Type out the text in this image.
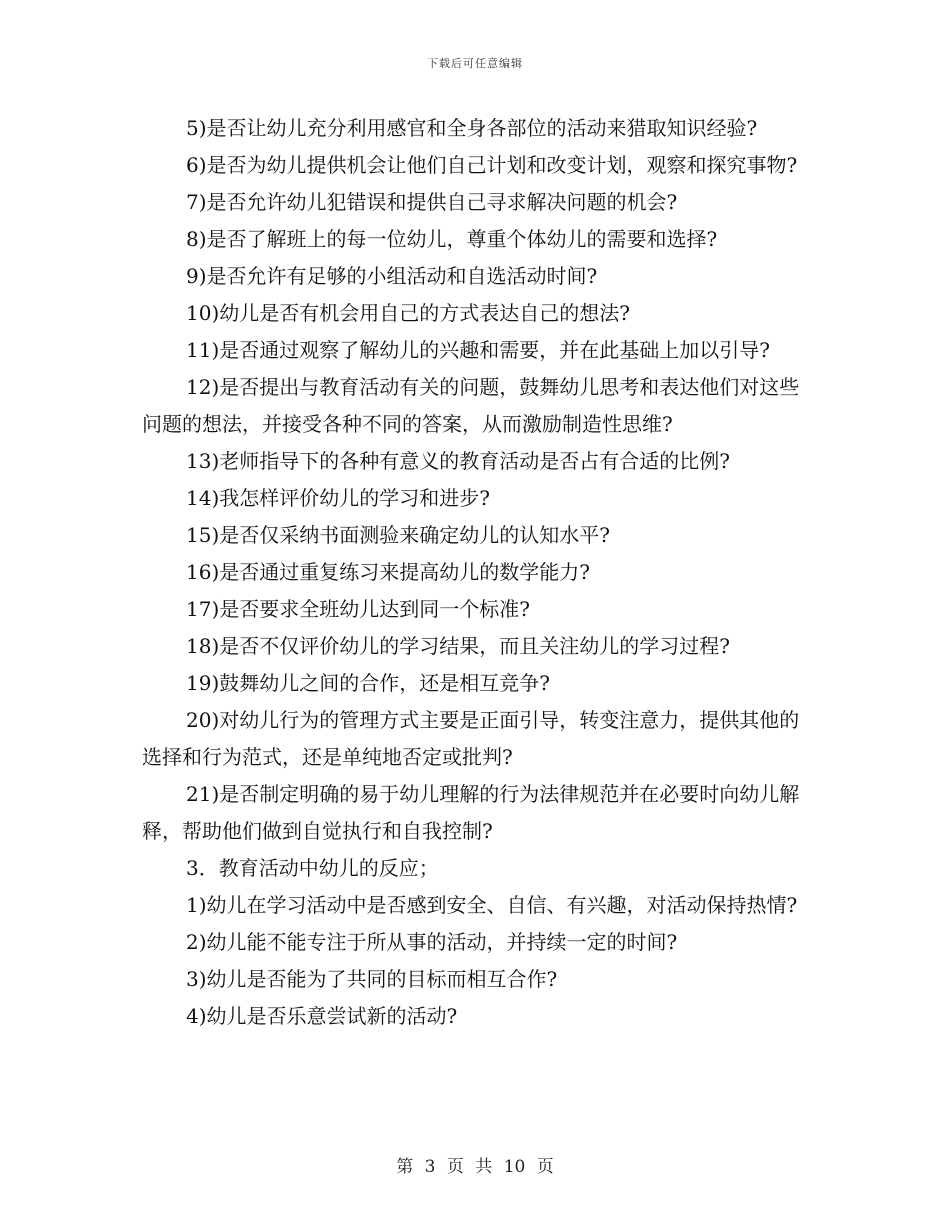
下载后可任意编辑

5)是否让幼儿充分利用感官和全身各部位的活动来猎取知识经验?

6)是否为幼儿提供机会让他们自己计划和改变计划，观察和探究事物?

7)是否允许幼儿犯错误和提供自己寻求解决问题的机会?

8)是否了解班上的每一位幼儿，尊重个体幼儿的需要和选择?

9)是否允许有足够的小组活动和自选活动时间?

10)幼儿是否有机会用自己的方式表达自己的想法?

11)是否通过观察了解幼儿的兴趣和需要，并在此基础上加以引导?

12)是否提出与教育活动有关的问题，鼓舞幼儿思考和表达他们对这些问题的想法，并接受各种不同的答案，从而激励制造性思维?

13)老师指导下的各种有意义的教育活动是否占有合适的比例?

14)我怎样评价幼儿的学习和进步?

15)是否仅采纳书面测验来确定幼儿的认知水平?

16)是否通过重复练习来提高幼儿的数学能力?

17)是否要求全班幼儿达到同一个标准?

18)是否不仅评价幼儿的学习结果，而且关注幼儿的学习过程?

19)鼓舞幼儿之间的合作，还是相互竞争?

20)对幼儿行为的管理方式主要是正面引导，转变注意力，提供其他的选择和行为范式，还是单纯地否定或批判?

21)是否制定明确的易于幼儿理解的行为法律规范并在必要时向幼儿解释，帮助他们做到自觉执行和自我控制?

3．教育活动中幼儿的反应；

1)幼儿在学习活动中是否感到安全、自信、有兴趣，对活动保持热情?

2)幼儿能不能专注于所从事的活动，并持续一定的时间?

3)幼儿是否能为了共同的目标而相互合作?

4)幼儿是否乐意尝试新的活动?

第 3 页 共 10 页
